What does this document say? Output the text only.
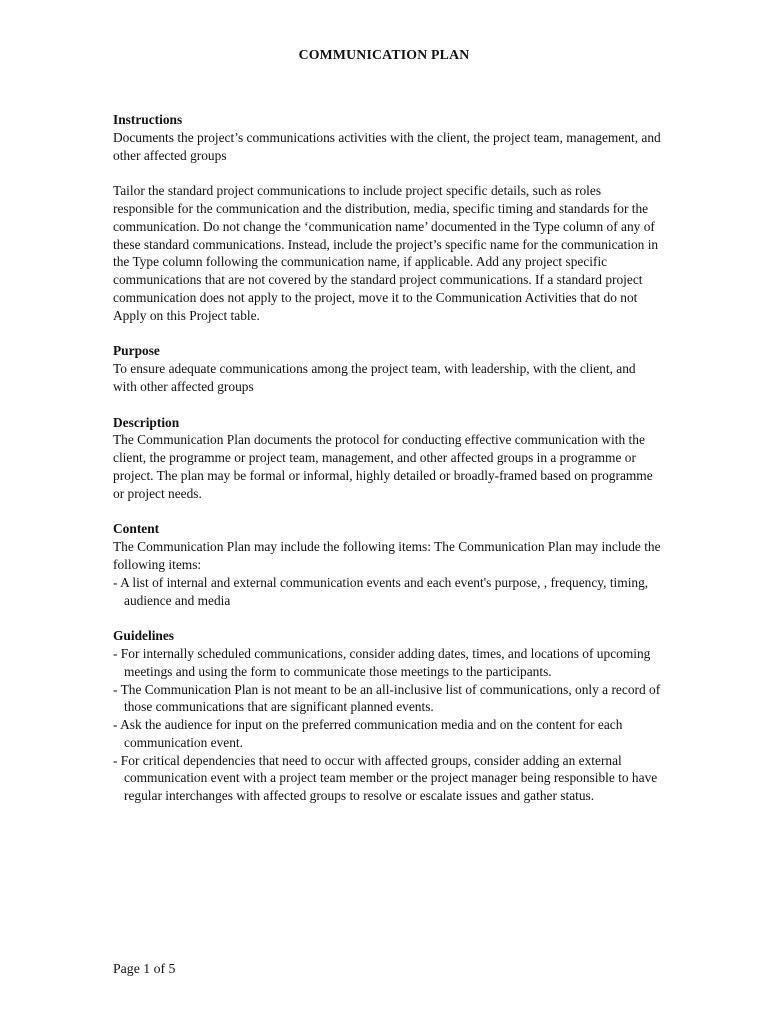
COMMUNICATION PLAN

Instructions

Documents the project’s communications activities with the client, the project team, management, and other affected groups

Tailor the standard project communications to include project specific details, such as roles responsible for the communication and the distribution, media, specific timing and standards for the communication. Do not change the ‘communication name’ documented in the Type column of any of these standard communications. Instead, include the project’s specific name for the communication in the Type column following the communication name, if applicable. Add any project specific communications that are not covered by the standard project communications. If a standard project communication does not apply to the project, move it to the Communication Activities that do not Apply on this Project table.

Purpose

To ensure adequate communications among the project team, with leadership, with the client, and with other affected groups

Description

The Communication Plan documents the protocol for conducting effective communication with the client, the programme or project team, management, and other affected groups in a programme or project. The plan may be formal or informal, highly detailed or broadly-framed based on programme or project needs.

Content

The Communication Plan may include the following items: The Communication Plan may include the following items:

- A list of internal and external communication events and each event's purpose, , frequency, timing, audience and media

Guidelines

- For internally scheduled communications, consider adding dates, times, and locations of upcoming meetings and using the form to communicate those meetings to the participants.

- The Communication Plan is not meant to be an all-inclusive list of communications, only a record of those communications that are significant planned events.

- Ask the audience for input on the preferred communication media and on the content for each communication event.

- For critical dependencies that need to occur with affected groups, consider adding an external communication event with a project team member or the project manager being responsible to have regular interchanges with affected groups to resolve or escalate issues and gather status.

Page 1 of 5
